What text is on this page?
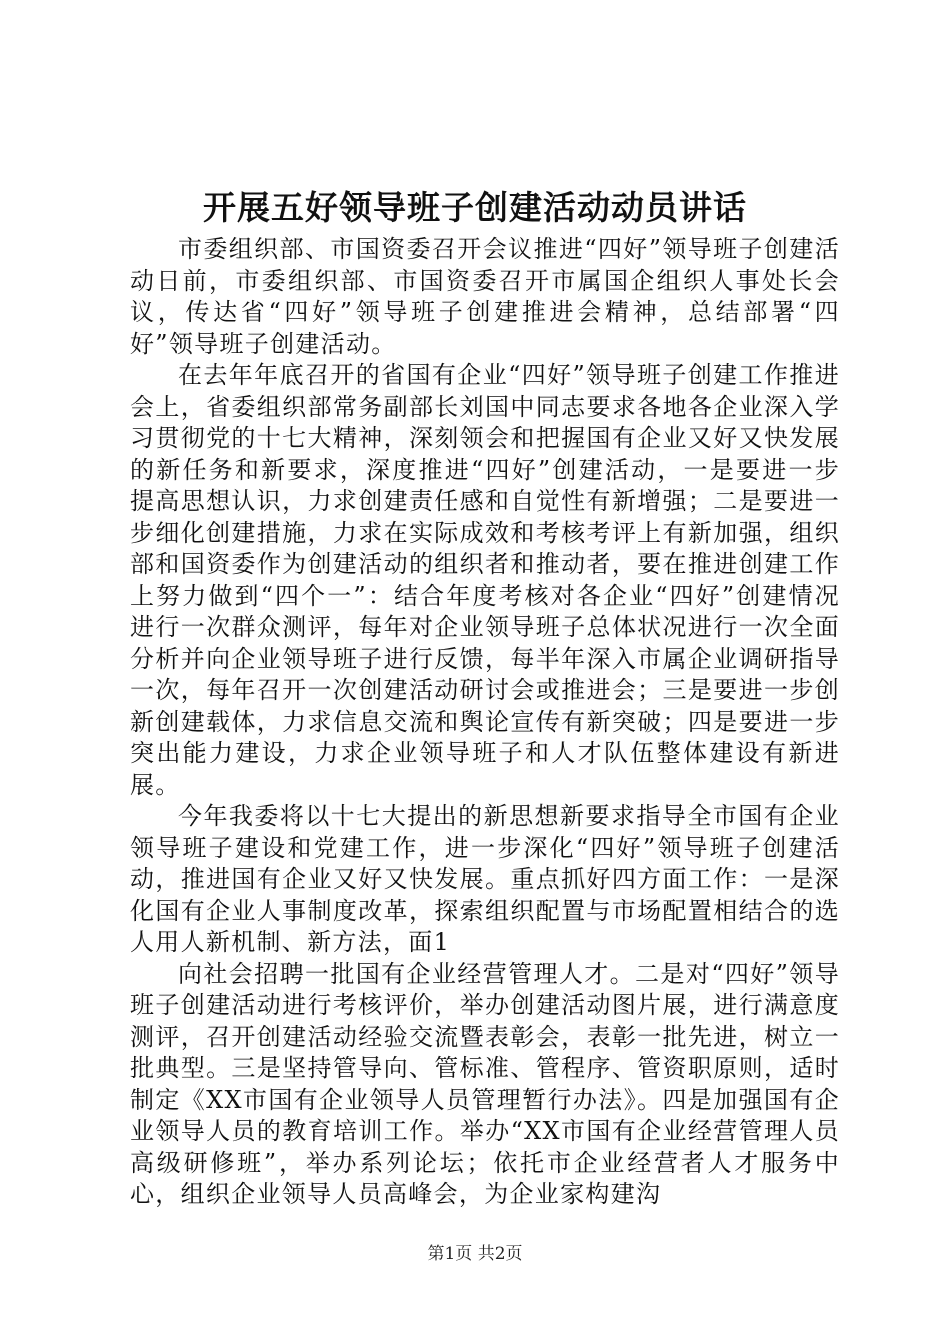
开展五好领导班子创建活动动员讲话

市委组织部、市国资委召开会议推进“四好”领导班子创建活动日前，市委组织部、市国资委召开市属国企组织人事处长会议，传达省“四好”领导班子创建推进会精神，总结部署“四好”领导班子创建活动。

在去年年底召开的省国有企业“四好”领导班子创建工作推进会上，省委组织部常务副部长刘国中同志要求各地各企业深入学习贯彻党的十七大精神，深刻领会和把握国有企业又好又快发展的新任务和新要求，深度推进“四好”创建活动，一是要进一步提高思想认识，力求创建责任感和自觉性有新增强；二是要进一步细化创建措施，力求在实际成效和考核考评上有新加强，组织部和国资委作为创建活动的组织者和推动者，要在推进创建工作上努力做到“四个一”：结合年度考核对各企业“四好”创建情况进行一次群众测评，每年对企业领导班子总体状况进行一次全面分析并向企业领导班子进行反馈，每半年深入市属企业调研指导一次，每年召开一次创建活动研讨会或推进会；三是要进一步创新创建载体，力求信息交流和舆论宣传有新突破；四是要进一步突出能力建设，力求企业领导班子和人才队伍整体建设有新进展。

今年我委将以十七大提出的新思想新要求指导全市国有企业领导班子建设和党建工作，进一步深化“四好”领导班子创建活动，推进国有企业又好又快发展。重点抓好四方面工作：一是深化国有企业人事制度改革，探索组织配置与市场配置相结合的选人用人新机制、新方法，面1

向社会招聘一批国有企业经营管理人才。二是对“四好”领导班子创建活动进行考核评价，举办创建活动图片展，进行满意度测评，召开创建活动经验交流暨表彰会，表彰一批先进，树立一批典型。三是坚持管导向、管标准、管程序、管资职原则，适时制定《XX市国有企业领导人员管理暂行办法》。四是加强国有企业领导人员的教育培训工作。举办“XX市国有企业经营管理人员高级研修班”，举办系列论坛；依托市企业经营者人才服务中心，组织企业领导人员高峰会，为企业家构建沟

第1页 共2页
